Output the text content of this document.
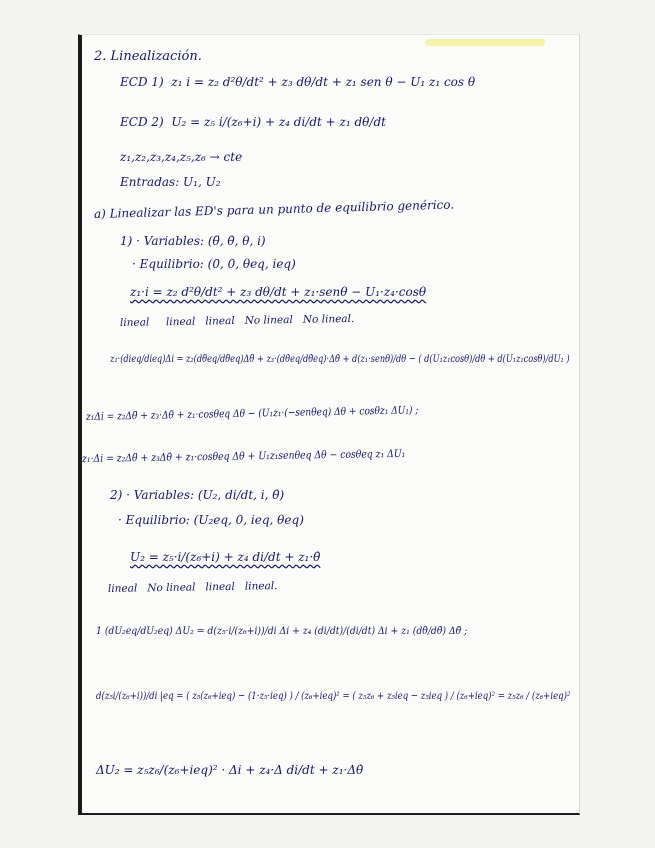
2. Linealización.
ECD 1) z₁ i = z₂ d²θ/dt² + z₃ dθ/dt + z₁ sen θ − U₁ z₁ cos θ
ECD 2) U₂ = z₅ i/(z₆+i) + z₄ di/dt + z₁ dθ/dt
z₁,z₂,z₃,z₄,z₅,z₆ → cte
Entradas: U₁, U₂
a) Linealizar las ED's para un punto de equilibrio genérico.
1) · Variables: (θ̈, θ̇, θ, i)
· Equilibrio: (0, 0, θeq, ieq)
z₁·i = z₂ d²θ/dt² + z₃ dθ/dt + z₁·senθ − U₁·z₄·cosθ
lineal lineal lineal No lineal No lineal.
z₁·(dieq/dieq)Δi = z₂(dθ̈eq/dθ̈eq)Δθ̈ + z₃·(dθ̇eq/dθ̇eq)·Δθ̇ + d(z₁·senθ)/dθ − ( d(U₁z₁cosθ)/dθ + d(U₁z₁cosθ)/dU₁ )
z₁Δi = z₂Δθ̈ + z₃·Δθ̇ + z₁·cosθeq Δθ − (U₁z₁·(−senθeq) Δθ + cosθz₁ ΔU₁) ;
z₁·Δi = z₂Δθ̈ + z₃Δθ̇ + z₁·cosθeq Δθ + U₁z₁senθeq Δθ − cosθeq z₁ ΔU₁
2) · Variables: (U₂, di/dt, i, θ̇)
· Equilibrio: (U₂eq, 0, ieq, θeq)
U₂ = z₅·i/(z₆+i) + z₄ di/dt + z₁·θ̇
lineal No lineal lineal lineal.
1 (dU₂eq/dU₂eq) ΔU₂ = d(z₅·i/(z₆+i))/di Δi + z₄ (di/dt)/(di/dt) Δi + z₁ (dθ̇/dθ̇) Δθ̈ ;
d(z₅i/(z₆+i))/di |eq = ( z₅(z₆+ieq) − (1·z₅·ieq) ) / (z₆+ieq)² = ( z₅z₆ + z₅ieq − z₅ieq ) / (z₆+ieq)² = z₅z₆ / (z₆+ieq)²
ΔU₂ = z₅z₆/(z₆+ieq)² · Δi + z₄·Δ di/dt + z₁·Δθ̇
